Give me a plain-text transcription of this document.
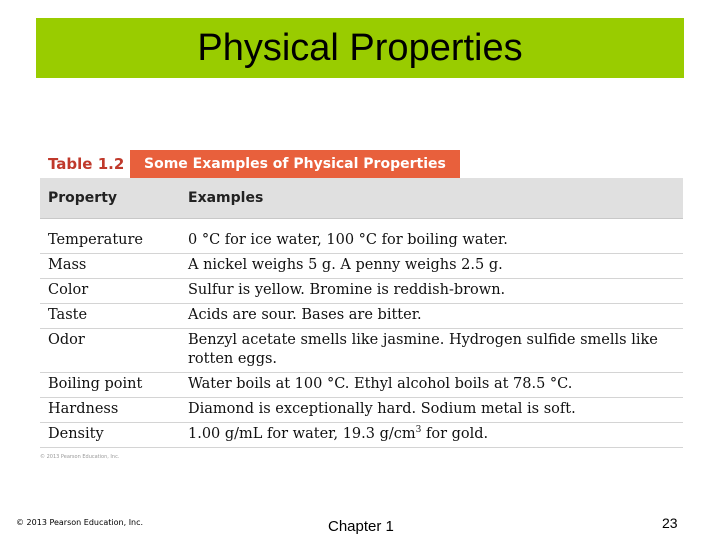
Physical Properties
Table 1.2	Some Examples of Physical Properties
Property	Examples
Temperature	0 °C for ice water, 100 °C for boiling water.
Mass	A nickel weighs 5 g. A penny weighs 2.5 g.
Color	Sulfur is yellow. Bromine is reddish-brown.
Taste	Acids are sour. Bases are bitter.
Odor	Benzyl acetate smells like jasmine. Hydrogen sulfide smells like rotten eggs.
Boiling point	Water boils at 100 °C. Ethyl alcohol boils at 78.5 °C.
Hardness	Diamond is exceptionally hard. Sodium metal is soft.
Density	1.00 g/mL for water, 19.3 $g/cm^3$ for gold.
© 2013 Pearson Education, Inc.
© 2013 Pearson Education, Inc.	Chapter 1	23
